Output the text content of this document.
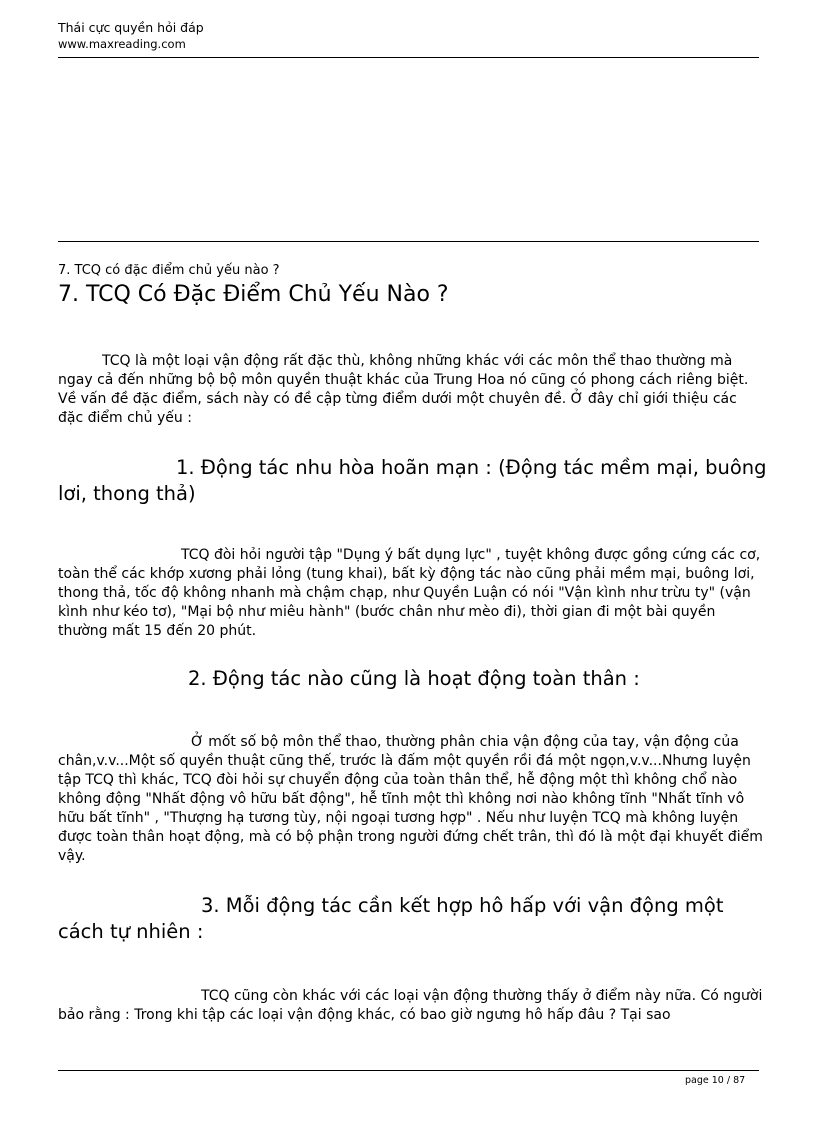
Thái cực quyền hỏi đáp
www.maxreading.com
7. TCQ có đặc điểm chủ yếu nào ?
7. TCQ Có Đặc Điểm Chủ Yếu Nào ?

TCQ là một loại vận động rất đặc thù, không những khác với các môn thể thao thường mà ngay cả đến những bộ bộ môn quyền thuật khác của Trung Hoa nó cũng có phong cách riêng biệt. Về vấn đề đặc điểm, sách này có đề cập từng điểm dưới một chuyên đề. Ở đây chỉ giới thiệu các đặc điểm chủ yếu :

1. Động tác nhu hòa hoãn mạn : (Động tác mềm mại, buông lơi, thong thả)

TCQ đòi hỏi người tập "Dụng ý bất dụng lực" , tuyệt không được gồng cứng các cơ, toàn thể các khớp xương phải lỏng (tung khai), bất kỳ động tác nào cũng phải mềm mại, buông lơi, thong thả, tốc độ không nhanh mà chậm chạp, như Quyền Luận có nói "Vận kình như trừu ty" (vận kình như kéo tơ), "Mại bộ như miêu hành" (bước chân như mèo đi), thời gian đi một bài quyền thường mất 15 đến 20 phút.

2. Động tác nào cũng là hoạt động toàn thân :

Ở mốt số bộ môn thể thao, thường phân chia vận động của tay, vận động của chân,v.v...Một số quyền thuật cũng thế, trước là đấm một quyền rồi đá một ngọn,v.v...Nhưng luyện tập TCQ thì khác, TCQ đòi hỏi sự chuyển động của toàn thân thể, hễ động một thì không chổ nào không động "Nhất động vô hữu bất động", hễ tĩnh một thì không nơi nào không tĩnh "Nhất tĩnh vô hữu bất tĩnh" , "Thượng hạ tương tùy, nội ngoại tương hợp" . Nếu như luyện TCQ mà không luyện được toàn thân hoạt động, mà có bộ phận trong người đứng chết trân, thì đó là một đại khuyết điểm vậy.

3. Mỗi động tác cần kết hợp hô hấp với vận động một cách tự nhiên :

TCQ cũng còn khác với các loại vận động thường thấy ở điểm này nữa. Có người bảo rằng : Trong khi tập các loại vận động khác, có bao giờ ngưng hô hấp đâu ? Tại sao

page 10 / 87
